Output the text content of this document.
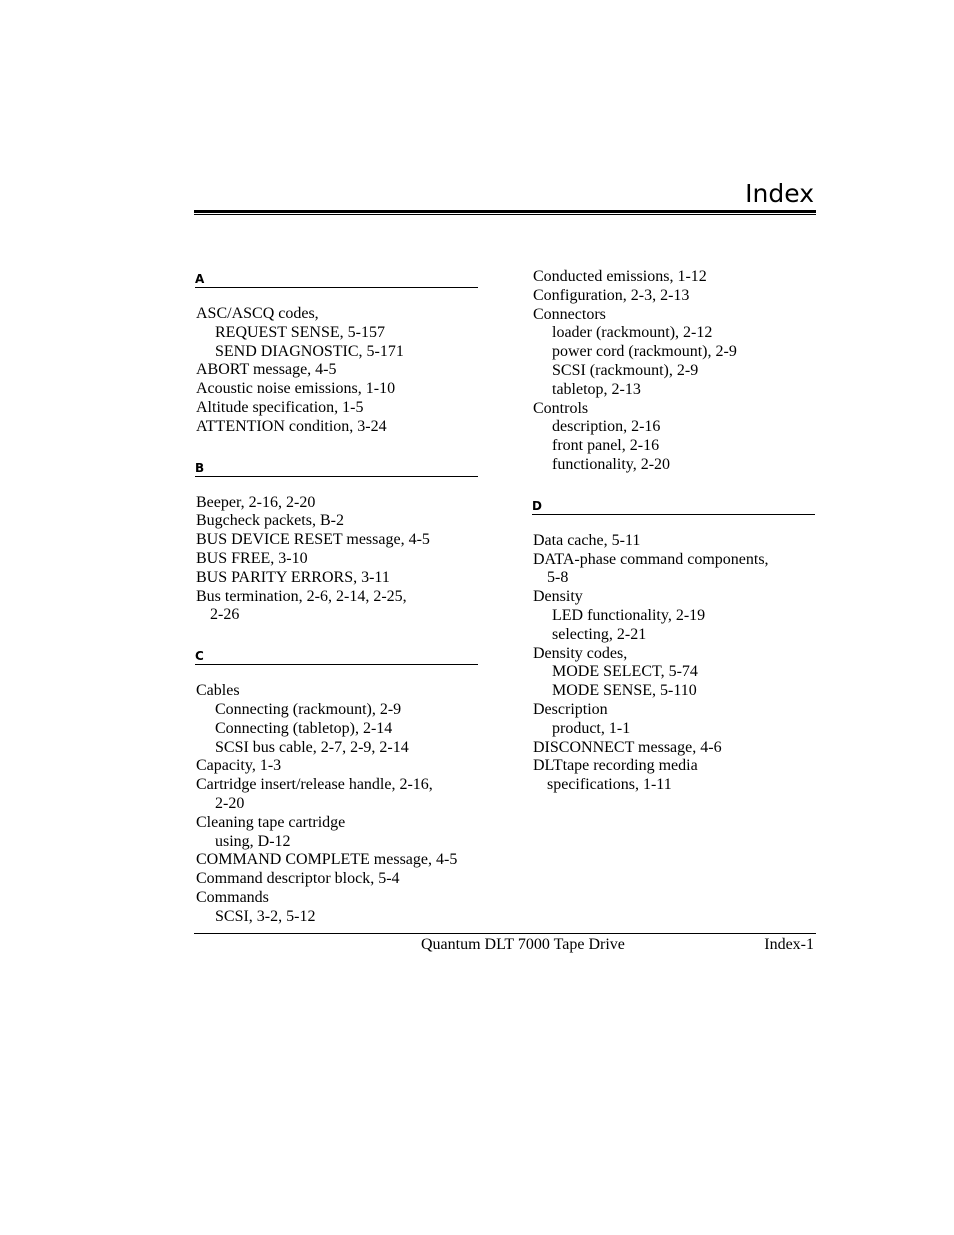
Index
A
ASC/ASCQ codes,
REQUEST SENSE, 5-157
SEND DIAGNOSTIC, 5-171
ABORT message, 4-5
Acoustic noise emissions, 1-10
Altitude specification, 1-5
ATTENTION condition, 3-24
B
Beeper, 2-16, 2-20
Bugcheck packets, B-2
BUS DEVICE RESET message, 4-5
BUS FREE, 3-10
BUS PARITY ERRORS, 3-11
Bus termination, 2-6, 2-14, 2-25,
2-26
C
Cables
Connecting (rackmount), 2-9
Connecting (tabletop), 2-14
SCSI bus cable, 2-7, 2-9, 2-14
Capacity, 1-3
Cartridge insert/release handle, 2-16,
2-20
Cleaning tape cartridge
using, D-12
COMMAND COMPLETE message, 4-5
Command descriptor block, 5-4
Commands
SCSI, 3-2, 5-12
Conducted emissions, 1-12
Configuration, 2-3, 2-13
Connectors
loader (rackmount), 2-12
power cord (rackmount), 2-9
SCSI (rackmount), 2-9
tabletop, 2-13
Controls
description, 2-16
front panel, 2-16
functionality, 2-20
D
Data cache, 5-11
DATA-phase command components,
5-8
Density
LED functionality, 2-19
selecting, 2-21
Density codes,
MODE SELECT, 5-74
MODE SENSE, 5-110
Description
product, 1-1
DISCONNECT message, 4-6
DLTtape recording media
specifications, 1-11
Quantum DLT 7000 Tape Drive	Index-1
